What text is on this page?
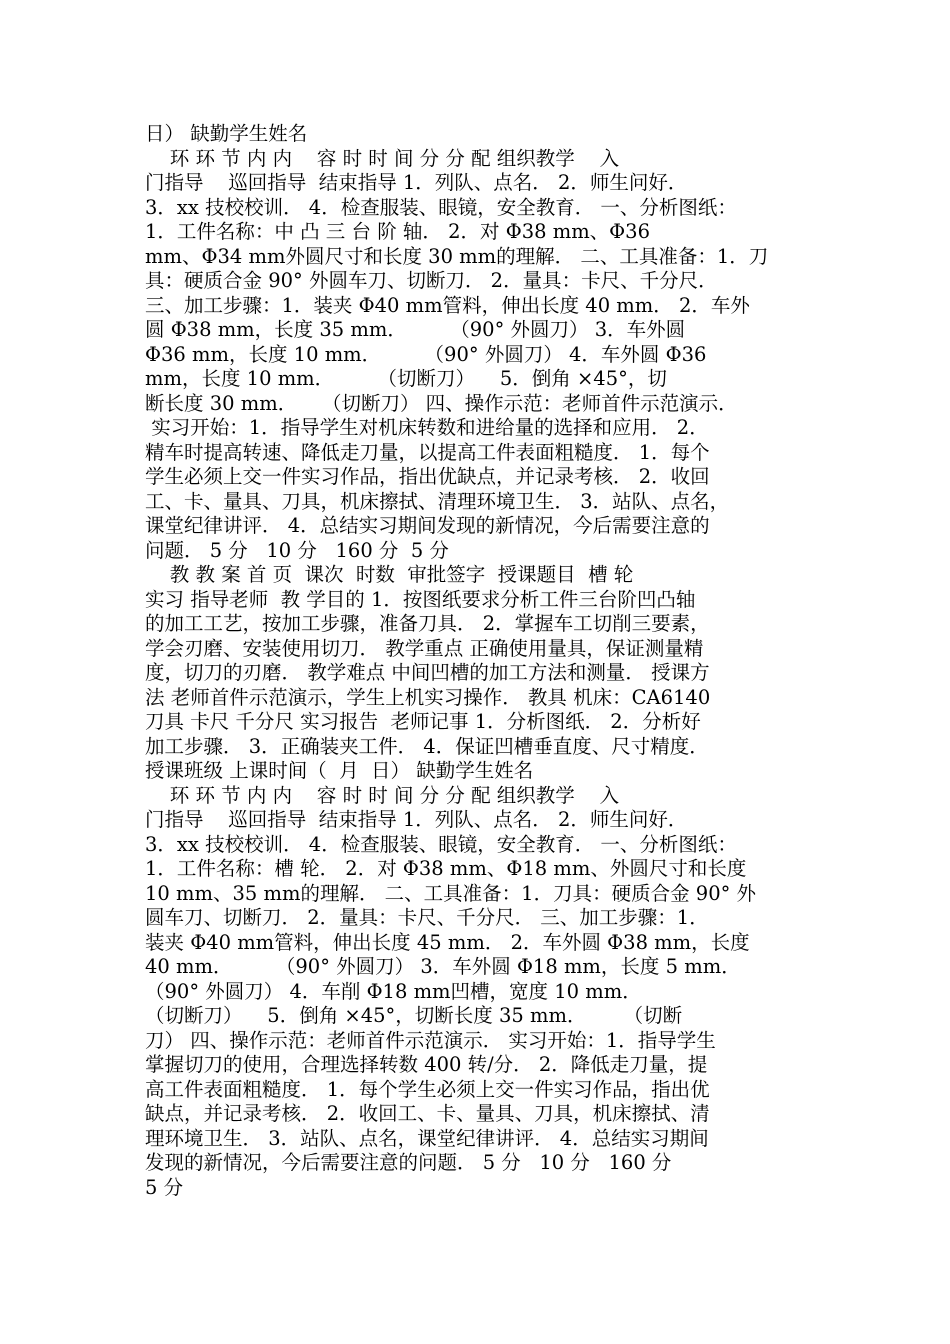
日） 缺勤学生姓名
环 环 节 内 内    容 时 时 间 分 分 配 组织教学    入
门指导    巡回指导  结束指导 1．列队、点名． 2．师生问好．
3．xx 技校校训． 4．检查服装、眼镜，安全教育． 一、分析图纸：
1．工件名称：中 凸 三 台 阶 轴． 2．对 Φ38 mm、Φ36
mm、Φ34 mm外圆尺寸和长度 30 mm的理解． 二、工具准备：1．刀
具：硬质合金 90° 外圆车刀、切断刀． 2．量具：卡尺、千分尺．
三、加工步骤：1．装夹 Φ40 mm管料，伸出长度 40 mm． 2．车外
圆 Φ38 mm，长度 35 mm．       （90° 外圆刀） 3．车外圆
Φ36 mm，长度 10 mm．       （90° 外圆刀） 4．车外圆 Φ36
mm，长度 10 mm．       （切断刀）    5．倒角 ×45°，切
断长度 30 mm．    （切断刀） 四、操作示范：老师首件示范演示．
实习开始：1．指导学生对机床转数和进给量的选择和应用． 2．
精车时提高转速、降低走刀量，以提高工件表面粗糙度． 1．每个
学生必须上交一件实习作品，指出优缺点，并记录考核． 2．收回
工、卡、量具、刀具，机床擦拭、清理环境卫生． 3．站队、点名，
课堂纪律讲评． 4．总结实习期间发现的新情况，今后需要注意的
问题． 5 分   10 分   160 分  5 分
教 教 案 首 页  课次  时数  审批签字  授课题目  槽 轮
实习 指导老师  教 学目的 1．按图纸要求分析工件三台阶凹凸轴
的加工工艺，按加工步骤，准备刀具． 2．掌握车工切削三要素，
学会刃磨、安装使用切刀． 教学重点 正确使用量具，保证测量精
度，切刀的刃磨． 教学难点 中间凹槽的加工方法和测量． 授课方
法 老师首件示范演示，学生上机实习操作． 教具 机床：CA6140
刀具 卡尺 千分尺 实习报告  老师记事 1．分析图纸． 2．分析好
加工步骤． 3．正确装夹工件． 4．保证凹槽垂直度、尺寸精度．
授课班级 上课时间（  月  日） 缺勤学生姓名
环 环 节 内 内    容 时 时 间 分 分 配 组织教学    入
门指导    巡回指导  结束指导 1．列队、点名． 2．师生问好．
3．xx 技校校训． 4．检查服装、眼镜，安全教育． 一、分析图纸：
1．工件名称：槽 轮． 2．对 Φ38 mm、Φ18 mm、外圆尺寸和长度
10 mm、35 mm的理解． 二、工具准备：1．刀具：硬质合金 90° 外
圆车刀、切断刀． 2．量具：卡尺、千分尺． 三、加工步骤：1．
装夹 Φ40 mm管料，伸出长度 45 mm． 2．车外圆 Φ38 mm，长度
40 mm．       （90° 外圆刀） 3．车外圆 Φ18 mm，长度 5 mm．
（90° 外圆刀） 4．车削 Φ18 mm凹槽，宽度 10 mm．
（切断刀）    5．倒角 ×45°，切断长度 35 mm．      （切断
刀） 四、操作示范：老师首件示范演示． 实习开始：1．指导学生
掌握切刀的使用，合理选择转数 400 转/分． 2．降低走刀量，提
高工件表面粗糙度． 1．每个学生必须上交一件实习作品，指出优
缺点，并记录考核． 2．收回工、卡、量具、刀具，机床擦拭、清
理环境卫生． 3．站队、点名，课堂纪律讲评． 4．总结实习期间
发现的新情况，今后需要注意的问题． 5 分   10 分   160 分
5 分
